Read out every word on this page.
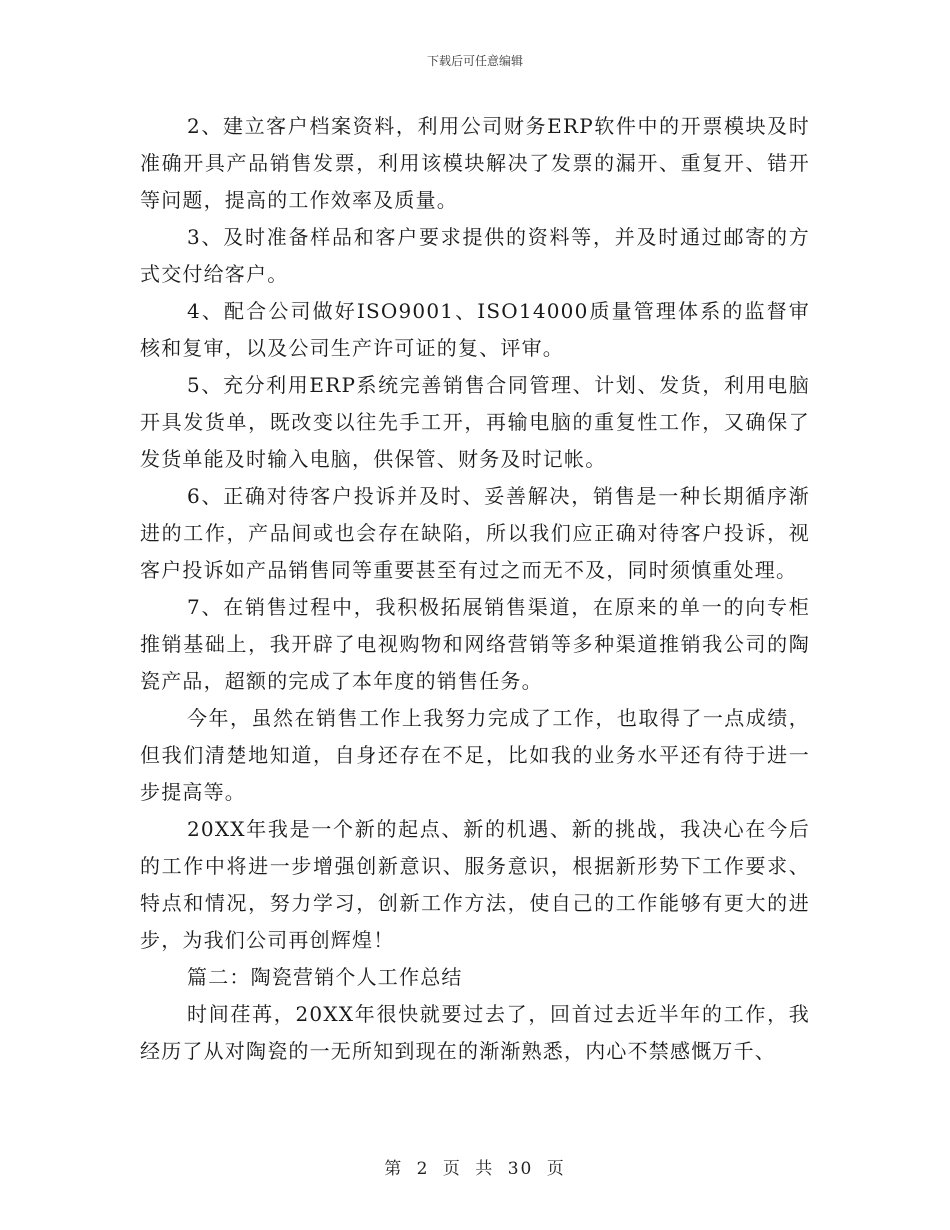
下载后可任意编辑

2、建立客户档案资料，利用公司财务ERP软件中的开票模块及时准确开具产品销售发票，利用该模块解决了发票的漏开、重复开、错开等问题，提高的工作效率及质量。

3、及时准备样品和客户要求提供的资料等，并及时通过邮寄的方式交付给客户。

4、配合公司做好ISO9001、ISO14000质量管理体系的监督审核和复审，以及公司生产许可证的复、评审。

5、充分利用ERP系统完善销售合同管理、计划、发货，利用电脑开具发货单，既改变以往先手工开，再输电脑的重复性工作，又确保了发货单能及时输入电脑，供保管、财务及时记帐。

6、正确对待客户投诉并及时、妥善解决，销售是一种长期循序渐进的工作，产品间或也会存在缺陷，所以我们应正确对待客户投诉，视客户投诉如产品销售同等重要甚至有过之而无不及，同时须慎重处理。

7、在销售过程中，我积极拓展销售渠道，在原来的单一的向专柜推销基础上，我开辟了电视购物和网络营销等多种渠道推销我公司的陶瓷产品，超额的完成了本年度的销售任务。

今年，虽然在销售工作上我努力完成了工作，也取得了一点成绩，但我们清楚地知道，自身还存在不足，比如我的业务水平还有待于进一步提高等。

20XX年我是一个新的起点、新的机遇、新的挑战，我决心在今后的工作中将进一步增强创新意识、服务意识，根据新形势下工作要求、特点和情况，努力学习，创新工作方法，使自己的工作能够有更大的进步，为我们公司再创辉煌！

篇二：陶瓷营销个人工作总结

时间荏苒，20XX年很快就要过去了，回首过去近半年的工作，我经历了从对陶瓷的一无所知到现在的渐渐熟悉，内心不禁感慨万千、

第 2 页 共 30 页
